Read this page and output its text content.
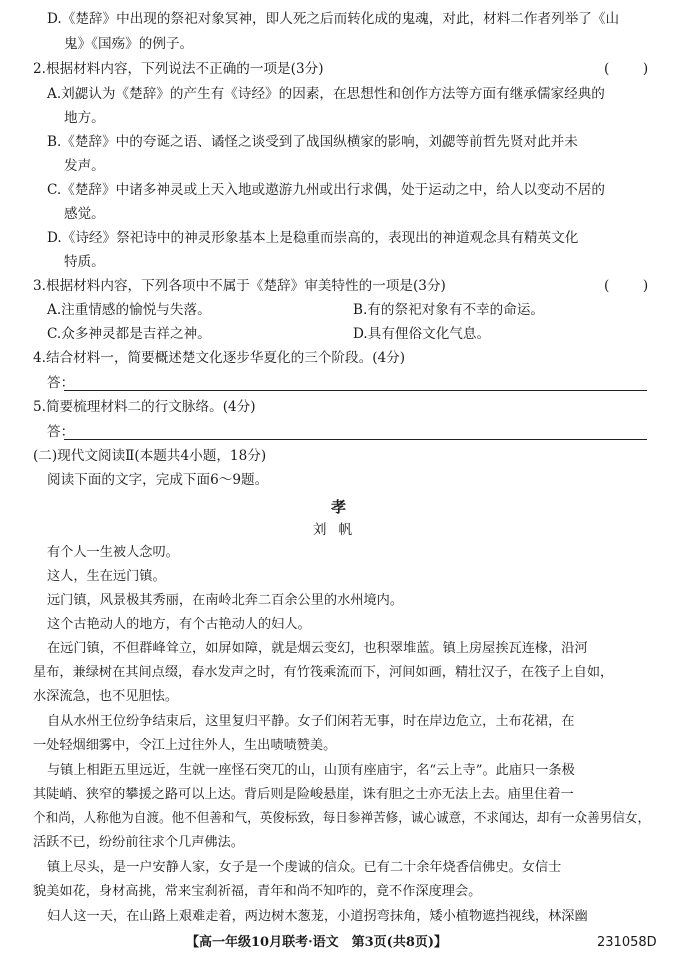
D.《楚辞》中出现的祭祀对象冥神，即人死之后而转化成的鬼魂，对此，材料二作者列举了《山
鬼》《国殇》的例子。
2.根据材料内容，下列说法不正确的一项是(3分)
A.刘勰认为《楚辞》的产生有《诗经》的因素，在思想性和创作方法等方面有继承儒家经典的
地方。
B.《楚辞》中的夸诞之语、谲怪之谈受到了战国纵横家的影响，刘勰等前哲先贤对此并未
发声。
C.《楚辞》中诸多神灵或上天入地或遨游九州或出行求偶，处于运动之中，给人以变动不居的
感觉。
D.《诗经》祭祀诗中的神灵形象基本上是稳重而崇高的，表现出的神道观念具有精英文化
特质。
3.根据材料内容，下列各项中不属于《楚辞》审美特性的一项是(3分)
A.注重情感的愉悦与失落。
C.众多神灵都是吉祥之神。
4.结合材料一，简要概述楚文化逐步华夏化的三个阶段。(4分)
5.简要梳理材料二的行文脉络。(4分)
(二)现代文阅读Ⅱ(本题共4小题，18分)
阅读下面的文字，完成下面6～9题。
B.有的祭祀对象有不幸的命运。
D.具有俚俗文化气息。
(　)
(　)
答：
答：
孝
刘帆
有个人一生被人念叨。
这人，生在远门镇。
远门镇，风景极其秀丽，在南岭北奔二百余公里的水州境内。
这个古艳动人的地方，有个古艳动人的妇人。
在远门镇，不但群峰耸立，如屏如障，就是烟云变幻，也积翠堆蓝。镇上房屋挨瓦连椽，沿河
星布，兼绿树在其间点缀，春水发声之时，有竹筏乘流而下，河间如画，精壮汉子，在筏子上自如，
水深流急，也不见胆怯。
自从水州王位纷争结束后，这里复归平静。女子们闲若无事，时在岸边危立，土布花裙，在
一处轻烟细雾中，令江上过往外人，生出啧啧赞美。
与镇上相距五里远近，生就一座怪石突兀的山，山顶有座庙宇，名“云上寺”。此庙只一条极
其陡峭、狭窄的攀援之路可以上达。背后则是险峻悬崖，诛有胆之士亦无法上去。庙里住着一
个和尚，人称他为自渡。他不但善和气，英俊标致，每日参禅苦修，诚心诚意，不求闻达，却有一众善男信女，
活跃不已，纷纷前往求个几声佛法。
镇上尽头，是一户安静人家，女子是一个虔诚的信众。已有二十余年烧香信佛史。女信士
貌美如花，身材高挑，常来宝刹祈福，青年和尚不知咋的，竟不作深度理会。
妇人这一天，在山路上艰难走着，两边树木葱茏，小道拐弯抹角，矮小植物遮挡视线，林深幽
【高一年级10月联考·语文　第3页(共8页)】	231058D
